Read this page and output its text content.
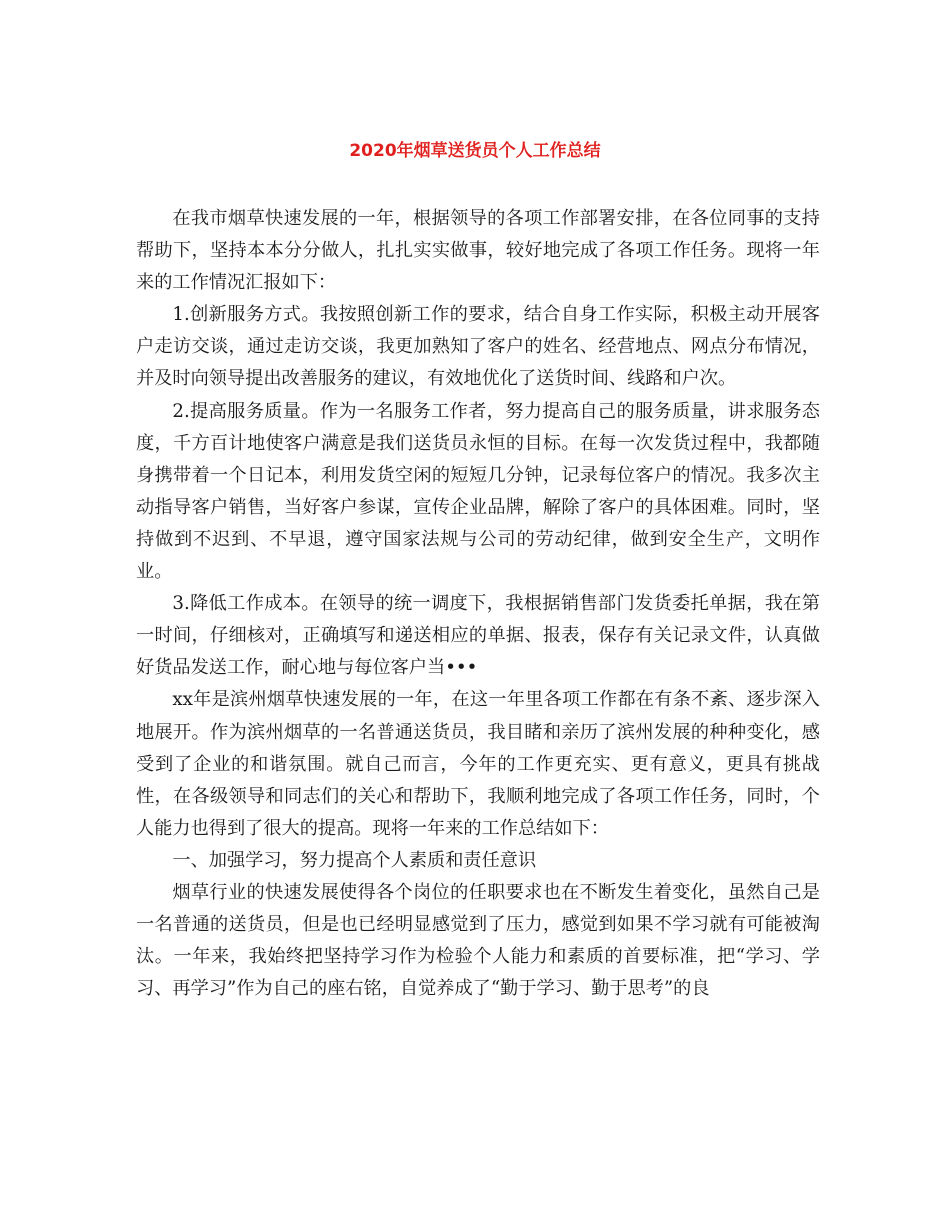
2020年烟草送货员个人工作总结

在我市烟草快速发展的一年，根据领导的各项工作部署安排，在各位同事的支持帮助下，坚持本本分分做人，扎扎实实做事，较好地完成了各项工作任务。现将一年来的工作情况汇报如下：

1.创新服务方式。我按照创新工作的要求，结合自身工作实际，积极主动开展客户走访交谈，通过走访交谈，我更加熟知了客户的姓名、经营地点、网点分布情况，并及时向领导提出改善服务的建议，有效地优化了送货时间、线路和户次。

2.提高服务质量。作为一名服务工作者，努力提高自己的服务质量，讲求服务态度，千方百计地使客户满意是我们送货员永恒的目标。在每一次发货过程中，我都随身携带着一个日记本，利用发货空闲的短短几分钟，记录每位客户的情况。我多次主动指导客户销售，当好客户参谋，宣传企业品牌，解除了客户的具体困难。同时，坚持做到不迟到、不早退，遵守国家法规与公司的劳动纪律，做到安全生产，文明作业。

3.降低工作成本。在领导的统一调度下，我根据销售部门发货委托单据，我在第一时间，仔细核对，正确填写和递送相应的单据、报表，保存有关记录文件，认真做好货品发送工作，耐心地与每位客户当•••

xx年是滨州烟草快速发展的一年，在这一年里各项工作都在有条不紊、逐步深入地展开。作为滨州烟草的一名普通送货员，我目睹和亲历了滨州发展的种种变化，感受到了企业的和谐氛围。就自己而言，今年的工作更充实、更有意义，更具有挑战性，在各级领导和同志们的关心和帮助下，我顺利地完成了各项工作任务，同时，个人能力也得到了很大的提高。现将一年来的工作总结如下：

一、加强学习，努力提高个人素质和责任意识

烟草行业的快速发展使得各个岗位的任职要求也在不断发生着变化，虽然自己是一名普通的送货员，但是也已经明显感觉到了压力，感觉到如果不学习就有可能被淘汰。一年来，我始终把坚持学习作为检验个人能力和素质的首要标准，把“学习、学习、再学习”作为自己的座右铭，自觉养成了“勤于学习、勤于思考”的良
